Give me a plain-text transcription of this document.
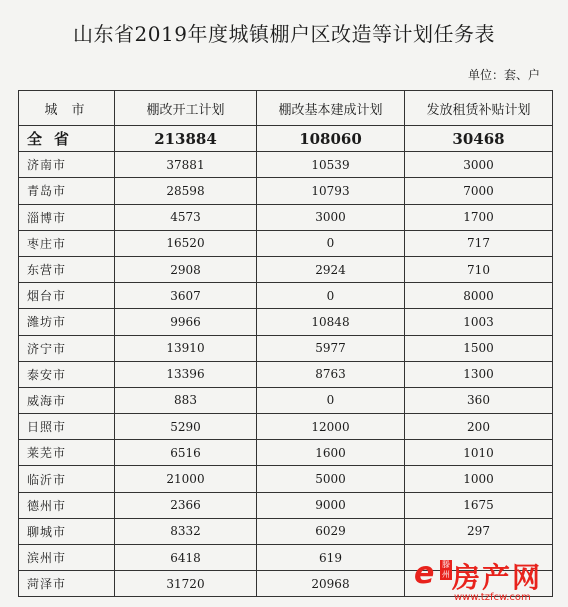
山东省2019年度城镇棚户区改造等计划任务表
单位：套、户
城市	棚改开工计划	棚改基本建成计划	发放租赁补贴计划
全省	213884	108060	30468
济南市	37881	10539	3000
青岛市	28598	10793	7000
淄博市	4573	3000	1700
枣庄市	16520	0	717
东营市	2908	2924	710
烟台市	3607	0	8000
潍坊市	9966	10848	1003
济宁市	13910	5977	1500
泰安市	13396	8763	1300
威海市	883	0	360
日照市	5290	12000	200
莱芜市	6516	1600	1010
临沂市	21000	5000	1000
德州市	2366	9000	1675
聊城市	8332	6029	297
滨州市	6418	619	
菏泽市	31720	20968	e 滕州 房产网
www.tzfcw.com
